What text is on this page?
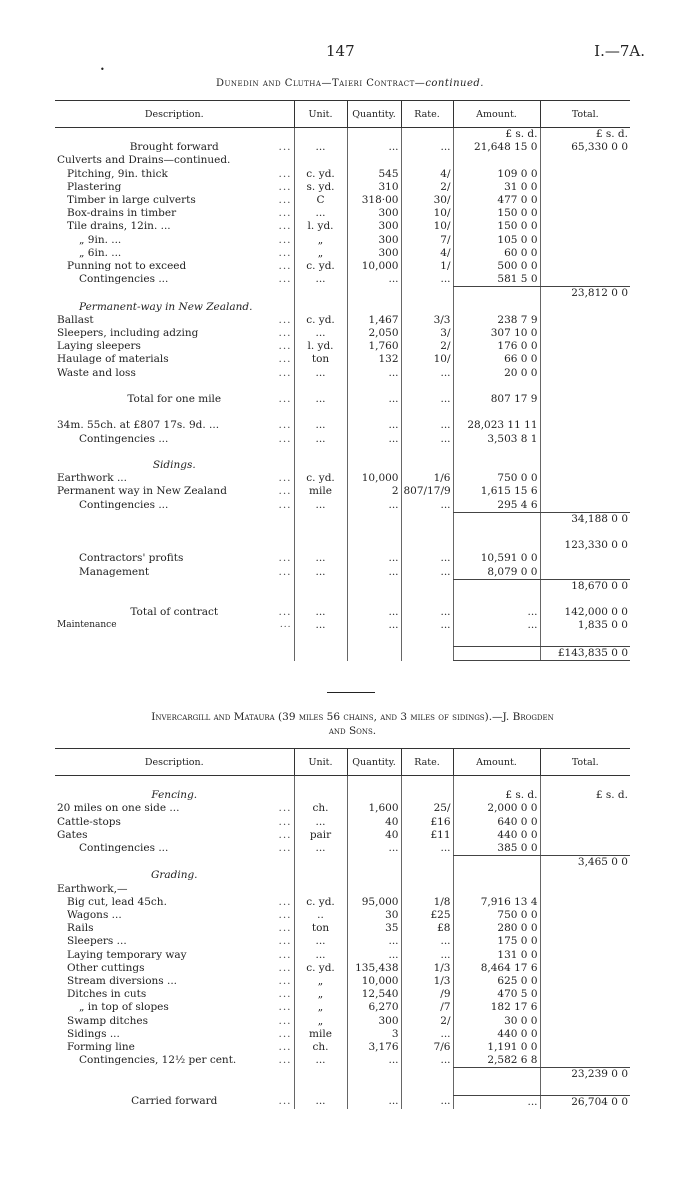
147	I.—7A.
•
Dunedin and Clutha—Taieri Contract—continued.
Description.	Unit.	Quantity.	Rate.	Amount.	Total.
				£ s. d.	£ s. d.
Brought forward ...	...	...	...	21,648 15 0	65,330 0 0
Culverts and Drains—continued.					
Pitching, 9in. thick ...	c. yd.	545	4/	109 0 0	
Plastering ...	s. yd.	310	2/	31 0 0	
Timber in large culverts ...	C	318·00	30/	477 0 0	
Box-drains in timber ...	...	300	10/	150 0 0	
Tile drains, 12in. ... ...	l. yd.	300	10/	150 0 0	
„ 9in. ... ...	„	300	7/	105 0 0	
„ 6in. ... ...	„	300	4/	60 0 0	
Punning not to exceed ...	c. yd.	10,000	1/	500 0 0	
Contingencies ... ...	...	...	...	581 5 0	
					23,812 0 0
Permanent-way in New Zealand.					
Ballast ...	c. yd.	1,467	3/3	238 7 9	
Sleepers, including adzing ...	...	2,050	3/	307 10 0	
Laying sleepers ...	l. yd.	1,760	2/	176 0 0	
Haulage of materials ...	ton	132	10/	66 0 0	
Waste and loss ...	...	...	...	20 0 0	

Total for one mile ...	...	...	...	807 17 9	

34m. 55ch. at £807 17s. 9d. ... ...	...	...	...	28,023 11 11	
Contingencies ... ...	...	...	...	3,503 8 1	

Sidings.					
Earthwork ... ...	c. yd.	10,000	1/6	750 0 0	
Permanent way in New Zealand ...	mile	2	807/17/9	1,615 15 6	
Contingencies ... ...	...	...	...	295 4 6	
					34,188 0 0

					123,330 0 0
Contractors' profits ...	...	...	...	10,591 0 0	
Management ...	...	...	...	8,079 0 0	
					18,670 0 0

Total of contract ...	...	...	...	...	142,000 0 0
Maintenance ...	...	...	...	...	1,835 0 0

					£143,835 0 0
Invercargill and Mataura (39 miles 56 chains, and 3 miles of sidings).—J. Brogden
and Sons.
Description.	Unit.	Quantity.	Rate.	Amount.	Total.

Fencing.				£ s. d.	£ s. d.
20 miles on one side ... ...	ch.	1,600	25/	2,000 0 0	
Cattle-stops ...	...	40	£16	640 0 0	
Gates ...	pair	40	£11	440 0 0	
Contingencies ... ...	...	...	...	385 0 0	
					3,465 0 0
Grading.					
Earthwork,—					
Big cut, lead 45ch. ...	c. yd.	95,000	1/8	7,916 13 4	
Wagons ... ...	..	30	£25	750 0 0	
Rails ...	ton	35	£8	280 0 0	
Sleepers ... ...	...	...	...	175 0 0	
Laying temporary way ...	...	...	...	131 0 0	
Other cuttings ...	c. yd.	135,438	1/3	8,464 17 6	
Stream diversions ... ...	„	10,000	1/3	625 0 0	
Ditches in cuts ...	„	12,540	/9	470 5 0	
„ in top of slopes ...	„	6,270	/7	182 17 6	
Swamp ditches ...	„	300	2/	30 0 0	
Sidings ... ...	mile	3	...	440 0 0	
Forming line ...	ch.	3,176	7/6	1,191 0 0	
Contingencies, 12½ per cent. ...	...	...	...	2,582 6 8	
					23,239 0 0

Carried forward ...	...	...	...	...	26,704 0 0
